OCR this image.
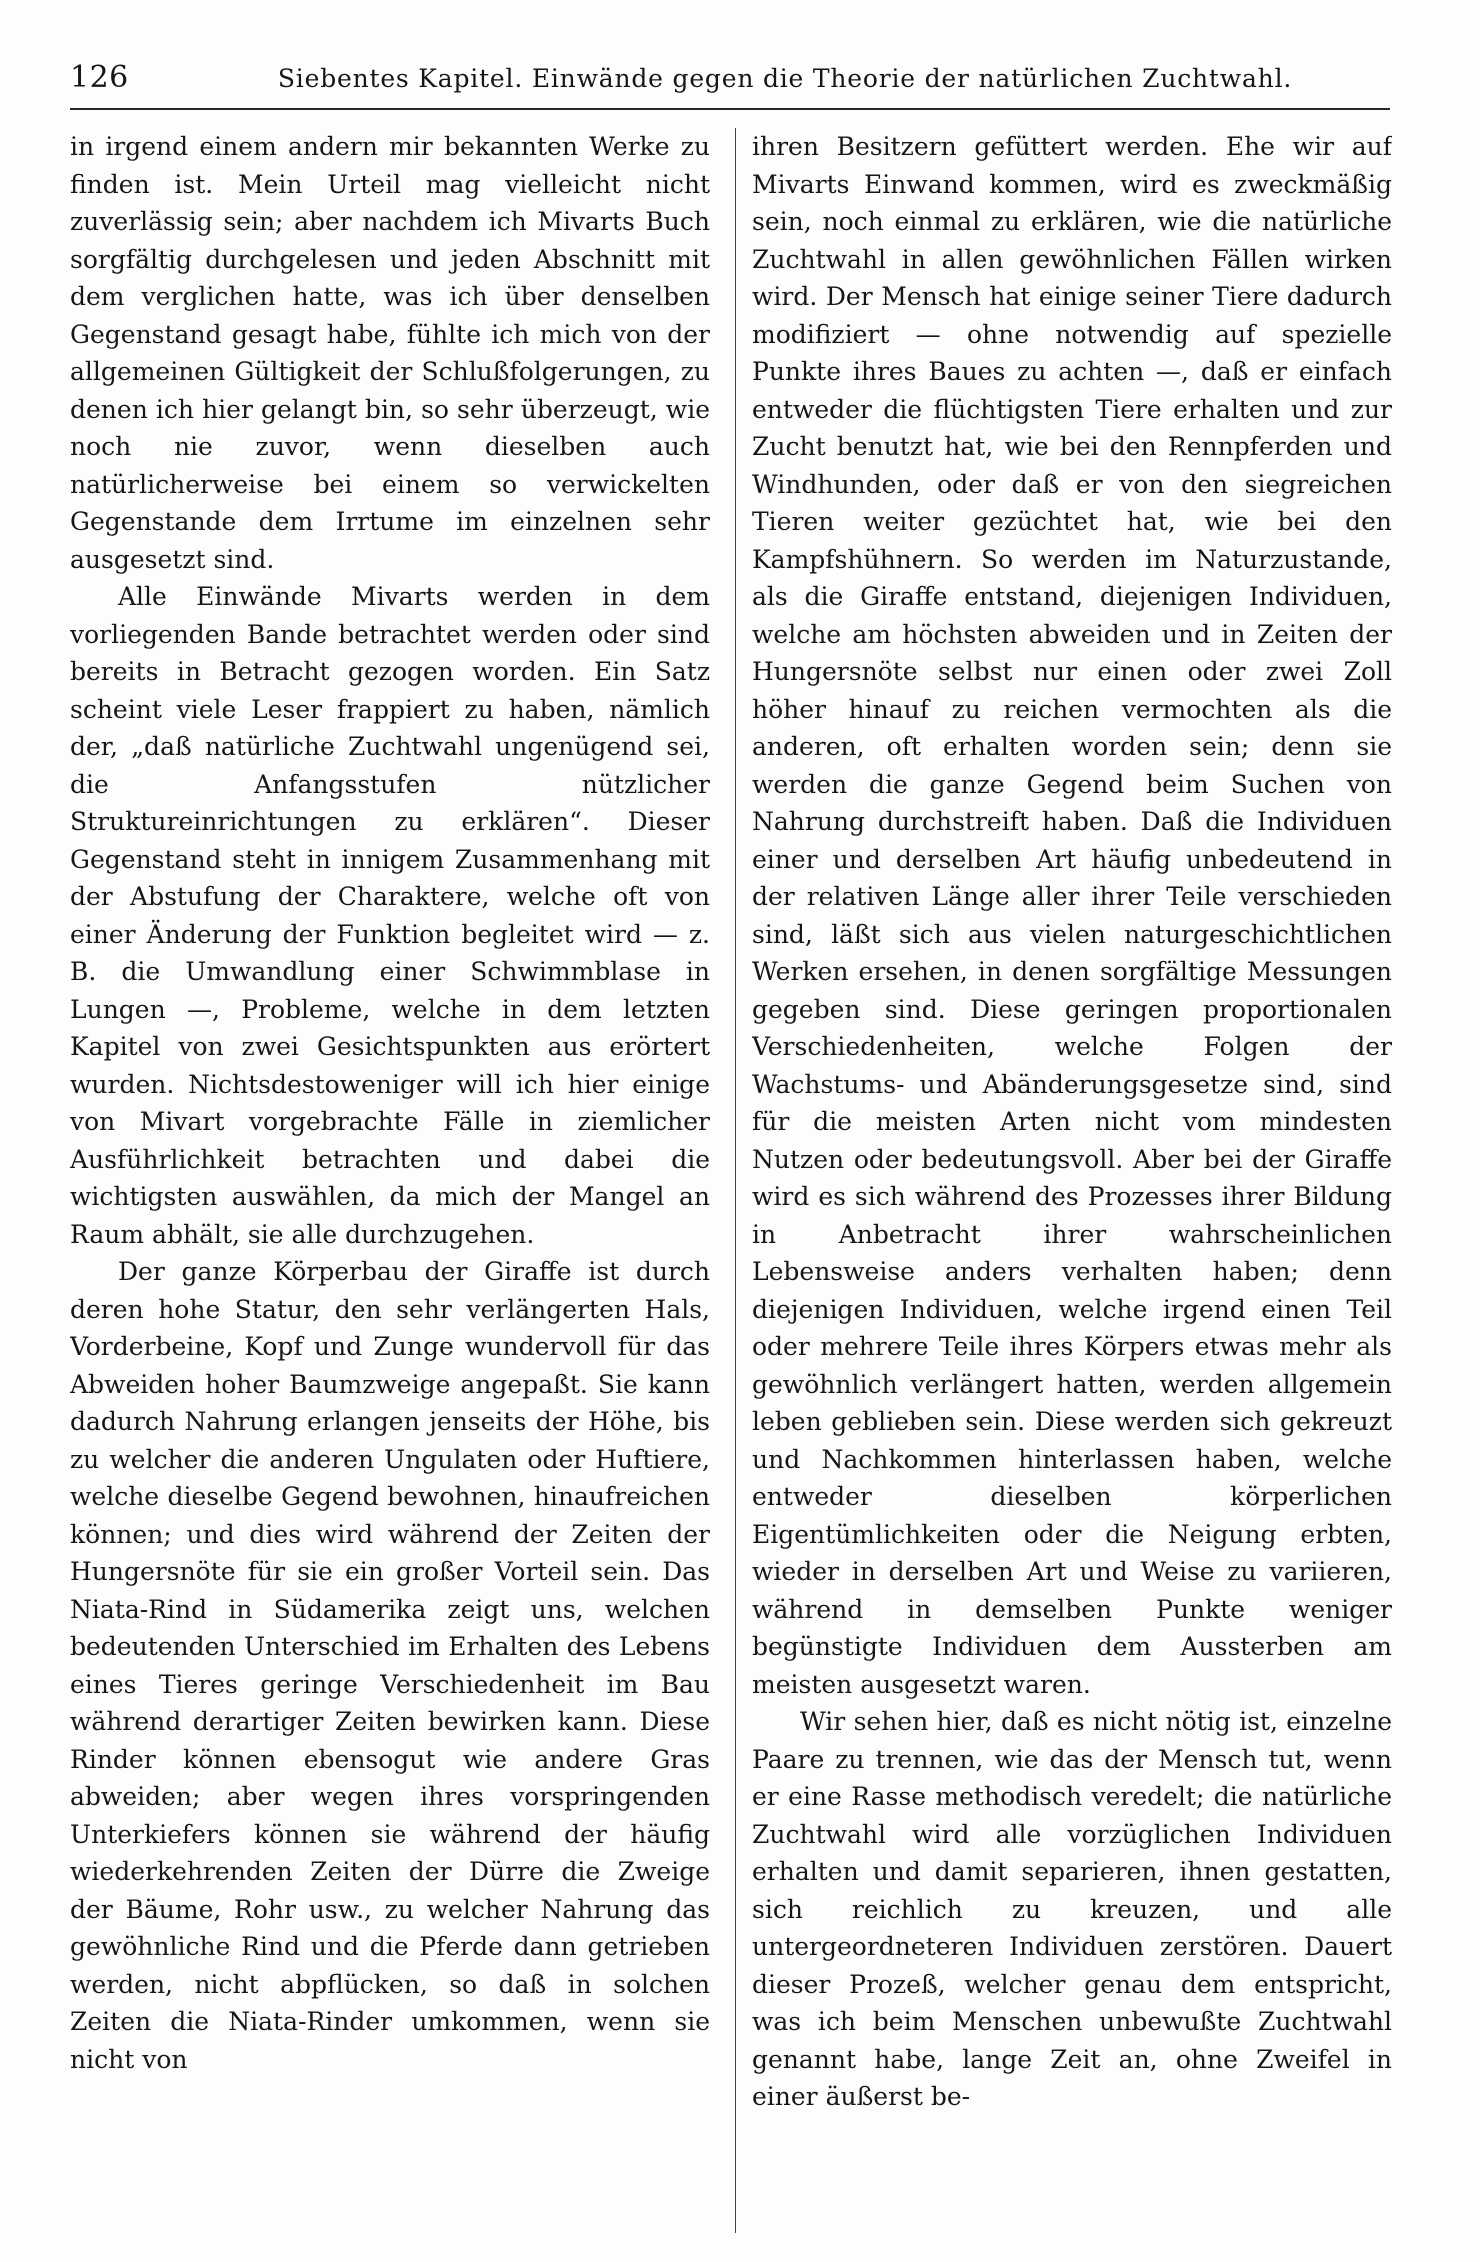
126	Siebentes Kapitel. Einwände gegen die Theorie der natürlichen Zuchtwahl.

in irgend einem andern mir bekannten Werke zu finden ist. Mein Urteil mag vielleicht nicht zuverlässig sein; aber nachdem ich Mivarts Buch sorgfältig durchgelesen und jeden Abschnitt mit dem verglichen hatte, was ich über denselben Gegenstand gesagt habe, fühlte ich mich von der allgemeinen Gültigkeit der Schlußfolgerungen, zu denen ich hier gelangt bin, so sehr überzeugt, wie noch nie zuvor, wenn dieselben auch natürlicherweise bei einem so verwickelten Gegenstande dem Irrtume im einzelnen sehr ausgesetzt sind.

Alle Einwände Mivarts werden in dem vorliegenden Bande betrachtet werden oder sind bereits in Betracht gezogen worden. Ein Satz scheint viele Leser frappiert zu haben, nämlich der, „daß natürliche Zuchtwahl ungenügend sei, die Anfangsstufen nützlicher Struktureinrichtungen zu erklären“. Dieser Gegenstand steht in innigem Zusammenhang mit der Abstufung der Charaktere, welche oft von einer Änderung der Funktion begleitet wird — z. B. die Umwandlung einer Schwimmblase in Lungen —, Probleme, welche in dem letzten Kapitel von zwei Gesichtspunkten aus erörtert wurden. Nichtsdestoweniger will ich hier einige von Mivart vorgebrachte Fälle in ziemlicher Ausführlichkeit betrachten und dabei die wichtigsten auswählen, da mich der Mangel an Raum abhält, sie alle durchzugehen.

Der ganze Körperbau der Giraffe ist durch deren hohe Statur, den sehr verlängerten Hals, Vorderbeine, Kopf und Zunge wundervoll für das Abweiden hoher Baumzweige angepaßt. Sie kann dadurch Nahrung erlangen jenseits der Höhe, bis zu welcher die anderen Ungulaten oder Huftiere, welche dieselbe Gegend bewohnen, hinaufreichen können; und dies wird während der Zeiten der Hungersnöte für sie ein großer Vorteil sein. Das Niata-Rind in Südamerika zeigt uns, welchen bedeutenden Unterschied im Erhalten des Lebens eines Tieres geringe Verschiedenheit im Bau während derartiger Zeiten bewirken kann. Diese Rinder können ebensogut wie andere Gras abweiden; aber wegen ihres vorspringenden Unterkiefers können sie während der häufig wiederkehrenden Zeiten der Dürre die Zweige der Bäume, Rohr usw., zu welcher Nahrung das gewöhnliche Rind und die Pferde dann getrieben werden, nicht abpflücken, so daß in solchen Zeiten die Niata-Rinder umkommen, wenn sie nicht von

ihren Besitzern gefüttert werden. Ehe wir auf Mivarts Einwand kommen, wird es zweckmäßig sein, noch einmal zu erklären, wie die natürliche Zuchtwahl in allen gewöhnlichen Fällen wirken wird. Der Mensch hat einige seiner Tiere dadurch modifiziert — ohne notwendig auf spezielle Punkte ihres Baues zu achten —, daß er einfach entweder die flüchtigsten Tiere erhalten und zur Zucht benutzt hat, wie bei den Rennpferden und Windhunden, oder daß er von den siegreichen Tieren weiter gezüchtet hat, wie bei den Kampfshühnern. So werden im Naturzustande, als die Giraffe entstand, diejenigen Individuen, welche am höchsten abweiden und in Zeiten der Hungersnöte selbst nur einen oder zwei Zoll höher hinauf zu reichen vermochten als die anderen, oft erhalten worden sein; denn sie werden die ganze Gegend beim Suchen von Nahrung durchstreift haben. Daß die Individuen einer und derselben Art häufig unbedeutend in der relativen Länge aller ihrer Teile verschieden sind, läßt sich aus vielen naturgeschichtlichen Werken ersehen, in denen sorgfältige Messungen gegeben sind. Diese geringen proportionalen Verschiedenheiten, welche Folgen der Wachstums- und Abänderungsgesetze sind, sind für die meisten Arten nicht vom mindesten Nutzen oder bedeutungsvoll. Aber bei der Giraffe wird es sich während des Prozesses ihrer Bildung in Anbetracht ihrer wahrscheinlichen Lebensweise anders verhalten haben; denn diejenigen Individuen, welche irgend einen Teil oder mehrere Teile ihres Körpers etwas mehr als gewöhnlich verlängert hatten, werden allgemein leben geblieben sein. Diese werden sich gekreuzt und Nachkommen hinterlassen haben, welche entweder dieselben körperlichen Eigentümlichkeiten oder die Neigung erbten, wieder in derselben Art und Weise zu variieren, während in demselben Punkte weniger begünstigte Individuen dem Aussterben am meisten ausgesetzt waren.

Wir sehen hier, daß es nicht nötig ist, einzelne Paare zu trennen, wie das der Mensch tut, wenn er eine Rasse methodisch veredelt; die natürliche Zuchtwahl wird alle vorzüglichen Individuen erhalten und damit separieren, ihnen gestatten, sich reichlich zu kreuzen, und alle untergeordneteren Individuen zerstören. Dauert dieser Prozeß, welcher genau dem entspricht, was ich beim Menschen unbewußte Zuchtwahl genannt habe, lange Zeit an, ohne Zweifel in einer äußerst be-
